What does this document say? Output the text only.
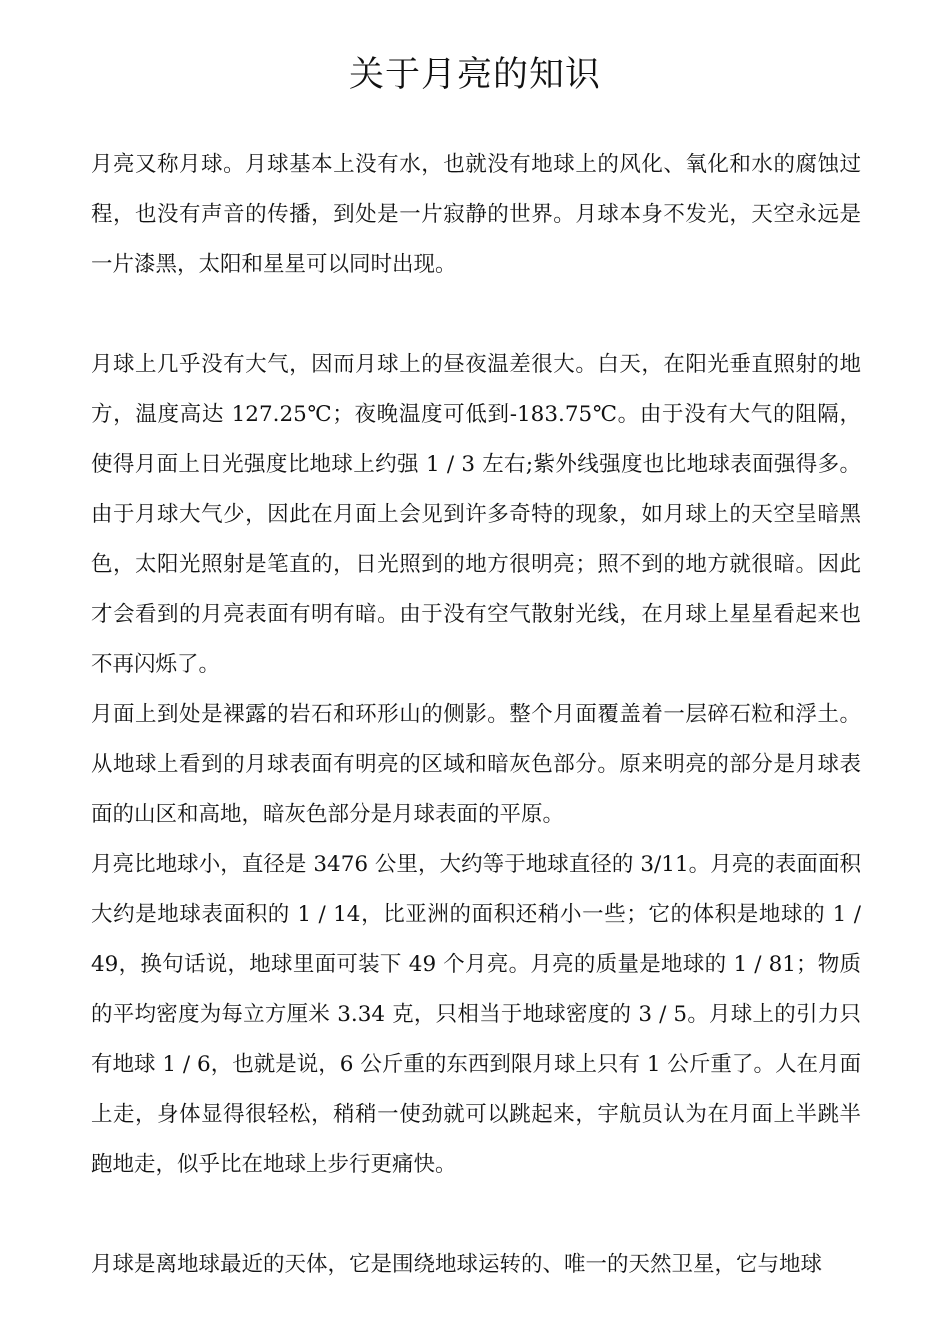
关于月亮的知识

月亮又称月球。月球基本上没有水，也就没有地球上的风化、氧化和水的腐蚀过程，也没有声音的传播，到处是一片寂静的世界。月球本身不发光，天空永远是一片漆黑，太阳和星星可以同时出现。

月球上几乎没有大气，因而月球上的昼夜温差很大。白天，在阳光垂直照射的地方，温度高达 127.25℃；夜晚温度可低到-183.75℃。由于没有大气的阻隔，使得月面上日光强度比地球上约强 1 / 3 左右;紫外线强度也比地球表面强得多。由于月球大气少，因此在月面上会见到许多奇特的现象，如月球上的天空呈暗黑色，太阳光照射是笔直的，日光照到的地方很明亮；照不到的地方就很暗。因此才会看到的月亮表面有明有暗。由于没有空气散射光线，在月球上星星看起来也不再闪烁了。

月面上到处是裸露的岩石和环形山的侧影。整个月面覆盖着一层碎石粒和浮土。从地球上看到的月球表面有明亮的区域和暗灰色部分。原来明亮的部分是月球表面的山区和高地，暗灰色部分是月球表面的平原。

月亮比地球小，直径是 3476 公里，大约等于地球直径的 3/11。月亮的表面面积大约是地球表面积的 1 / 14，比亚洲的面积还稍小一些；它的体积是地球的 1 / 49，换句话说，地球里面可装下 49 个月亮。月亮的质量是地球的 1 / 81；物质的平均密度为每立方厘米 3.34 克，只相当于地球密度的 3 / 5。月球上的引力只有地球 1 / 6，也就是说，6 公斤重的东西到限月球上只有 1 公斤重了。人在月面上走，身体显得很轻松，稍稍一使劲就可以跳起来，宇航员认为在月面上半跳半跑地走，似乎比在地球上步行更痛快。

月球是离地球最近的天体，它是围绕地球运转的、唯一的天然卫星，它与地球
